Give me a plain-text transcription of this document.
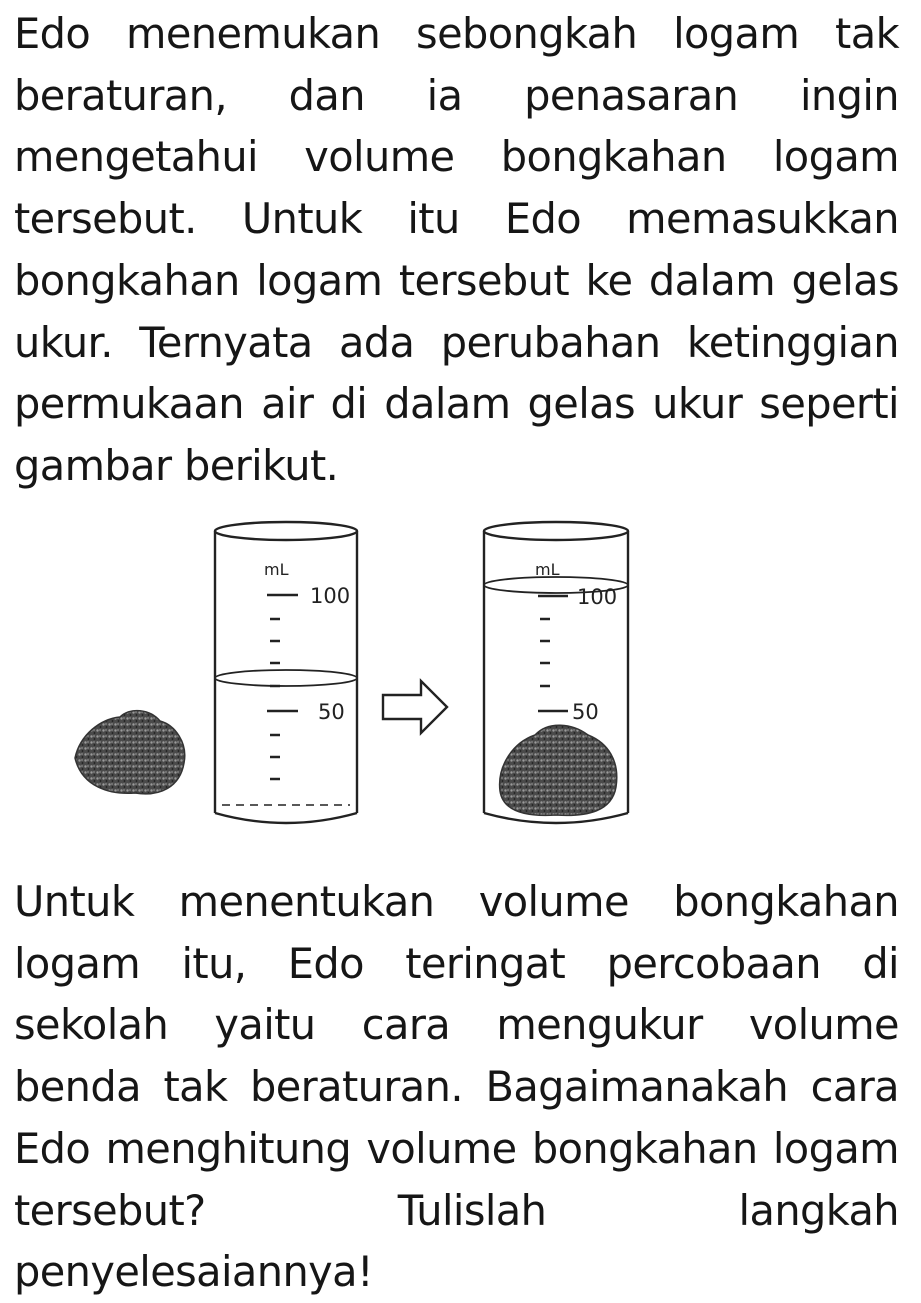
Edo menemukan sebongkah logam tak beraturan, dan ia penasaran ingin mengetahui volume bongkahan logam tersebut. Untuk itu Edo memasukkan bongkahan logam tersebut ke dalam gelas ukur. Ternyata ada perubahan ketinggian permukaan air di dalam gelas ukur seperti gambar berikut.

mL
100
50
mL
100
50

Untuk menentukan volume bongkahan logam itu, Edo teringat percobaan di sekolah yaitu cara mengukur volume benda tak beraturan. Bagaimanakah cara Edo menghitung volume bongkahan logam tersebut? Tulislah langkah penyelesaiannya!
